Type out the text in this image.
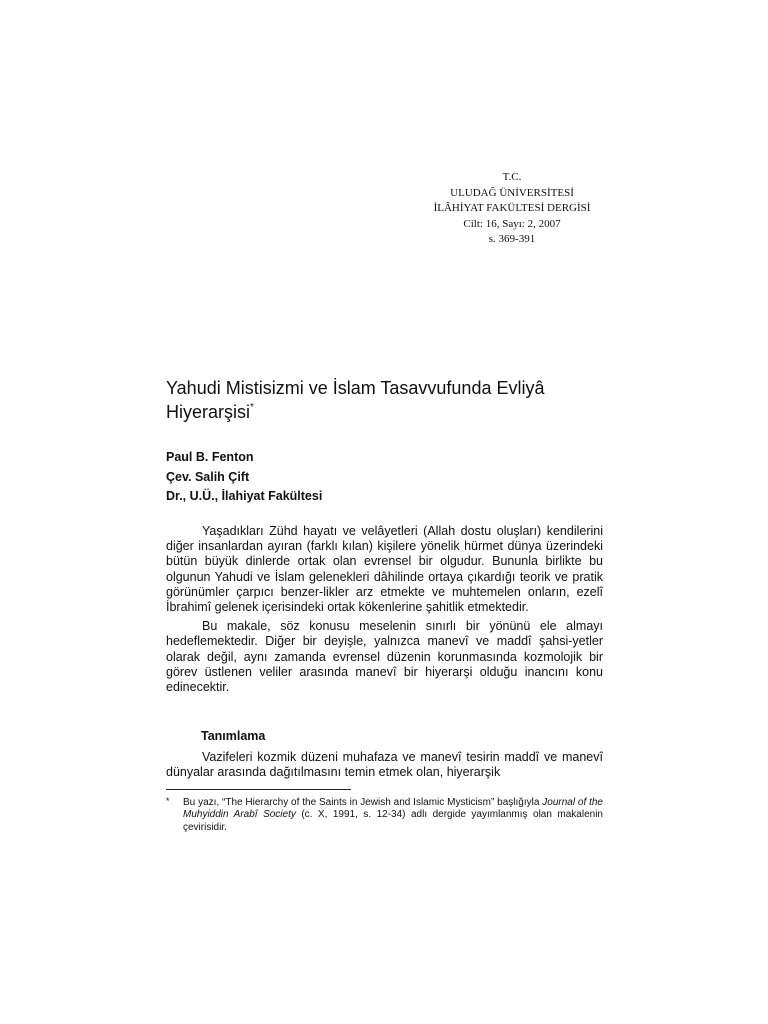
T.C.
ULUDAĞ ÜNİVERSİTESİ
İLÂHİYAT FAKÜLTESİ DERGİSİ
Cilt: 16, Sayı: 2, 2007
s. 369-391
Yahudi Mistisizmi ve İslam Tasavvufunda Evliyâ
Hiyerarşisi*
Paul B. Fenton
Çev. Salih Çift
Dr., U.Ü., İlahiyat Fakültesi

Yaşadıkları Zühd hayatı ve velâyetleri (Allah dostu oluşları) kendilerini diğer insanlardan ayıran (farklı kılan) kişilere yönelik hürmet dünya üzerindeki bütün büyük dinlerde ortak olan evrensel bir olgudur. Bununla birlikte bu olgunun Yahudi ve İslam gelenekleri dâhilinde ortaya çıkardığı teorik ve pratik görünümler çarpıcı benzer-likler arz etmekte ve muhtemelen onların, ezelî İbrahimî gelenek içerisindeki ortak kökenlerine şahitlik etmektedir.

Bu makale, söz konusu meselenin sınırlı bir yönünü ele almayı hedeflemektedir. Diğer bir deyişle, yalnızca manevî ve maddî şahsi-yetler olarak değil, aynı zamanda evrensel düzenin korunmasında kozmolojik bir görev üstlenen veliler arasında manevî bir hiyerarşi olduğu inancını konu edinecektir.

Tanımlama

Vazifeleri kozmik düzeni muhafaza ve manevî tesirin maddî ve manevî dünyalar arasında dağıtılmasını temin etmek olan, hiyerarşik

* Bu yazı, “The Hierarchy of the Saints in Jewish and Islamic Mysticism” başlığıyla Journal of the Muhyiddin Arabî Society (c. X, 1991, s. 12-34) adlı dergide yayımlanmış olan makalenin çevirisidir.
